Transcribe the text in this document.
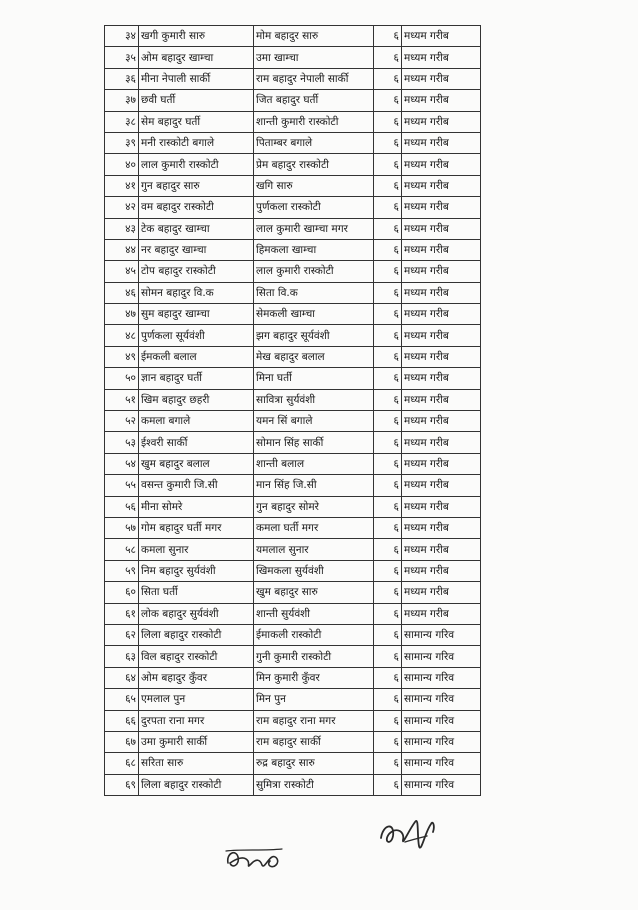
३४	खगी कुमारी सारु	मोम बहादुर सारु	६	मध्यम गरीब
३५	ओम बहादुर खाम्चा	उमा खाम्चा	६	मध्यम गरीब
३६	मीना नेपाली सार्की	राम बहादुर नेपाली सार्की	६	मध्यम गरीब
३७	छवी घर्ती	जित बहादुर घर्ती	६	मध्यम गरीब
३८	सेम बहादुर घर्ती	शान्ती कुमारी रास्कोटी	६	मध्यम गरीब
३९	मनी रास्कोटी बगाले	पिताम्बर बगाले	६	मध्यम गरीब
४०	लाल कुमारी रास्कोटी	प्रेम बहादुर रास्कोटी	६	मध्यम गरीब
४१	गुन बहादुर सारु	खगि सारु	६	मध्यम गरीब
४२	वम बहादुर रास्कोटी	पुर्णकला रास्कोटी	६	मध्यम गरीब
४३	टेक बहादुर खाम्चा	लाल कुमारी खाम्चा मगर	६	मध्यम गरीब
४४	नर बहादुर खाम्चा	हिमकला खाम्चा	६	मध्यम गरीब
४५	टोप बहादुर रास्कोटी	लाल कुमारी रास्कोटी	६	मध्यम गरीब
४६	सोमन बहादुर वि.क	सिता वि.क	६	मध्यम गरीब
४७	सुम बहादुर खाम्चा	सेमकली खाम्चा	६	मध्यम गरीब
४८	पुर्णकला सूर्यवंशी	झग बहादुर सूर्यवंशी	६	मध्यम गरीब
४९	ईमकली बलाल	मेख बहादुर बलाल	६	मध्यम गरीब
५०	ज्ञान बहादुर घर्ती	मिना घर्ती	६	मध्यम गरीब
५१	खिम बहादुर छहरी	सावित्रा सुर्यवंशी	६	मध्यम गरीब
५२	कमला बगाले	यमन सिं बगाले	६	मध्यम गरीब
५३	ईश्वरी सार्की	सोमान सिंह सार्की	६	मध्यम गरीब
५४	खुम बहादुर बलाल	शान्ती बलाल	६	मध्यम गरीब
५५	वसन्त कुमारी जि.सी	मान सिंह जि.सी	६	मध्यम गरीब
५६	मीना सोमरे	गुन बहादुर सोमरे	६	मध्यम गरीब
५७	गोम बहादुर घर्ती मगर	कमला घर्ती मगर	६	मध्यम गरीब
५८	कमला सुनार	यमलाल सुनार	६	मध्यम गरीब
५९	निम बहादुर सुर्यवंशी	खिमकला सुर्यवंशी	६	मध्यम गरीब
६०	सिता घर्ती	खुम बहादुर सारु	६	मध्यम गरीब
६१	लोक बहादुर सुर्यवंशी	शान्ती सुर्यवंशी	६	मध्यम गरीब
६२	लिला बहादुर रास्कोटी	ईमाकली रास्कोटी	६	सामान्य गरिव
६३	विल बहादुर रास्कोटी	गुनी कुमारी रास्कोटी	६	सामान्य गरिव
६४	ओम बहादुर कुँवर	मिन कुमारी कुँवर	६	सामान्य गरिव
६५	एमलाल पुन	मिन पुन	६	सामान्य गरिव
६६	दुरपता राना मगर	राम बहादुर राना मगर	६	सामान्य गरिव
६७	उमा कुमारी सार्की	राम बहादुर सार्की	६	सामान्य गरिव
६८	सरिता सारु	रुद्र बहादुर सारु	६	सामान्य गरिव
६९	लिला बहादुर रास्कोटी	सुमित्रा रास्कोटी	६	सामान्य गरिव
